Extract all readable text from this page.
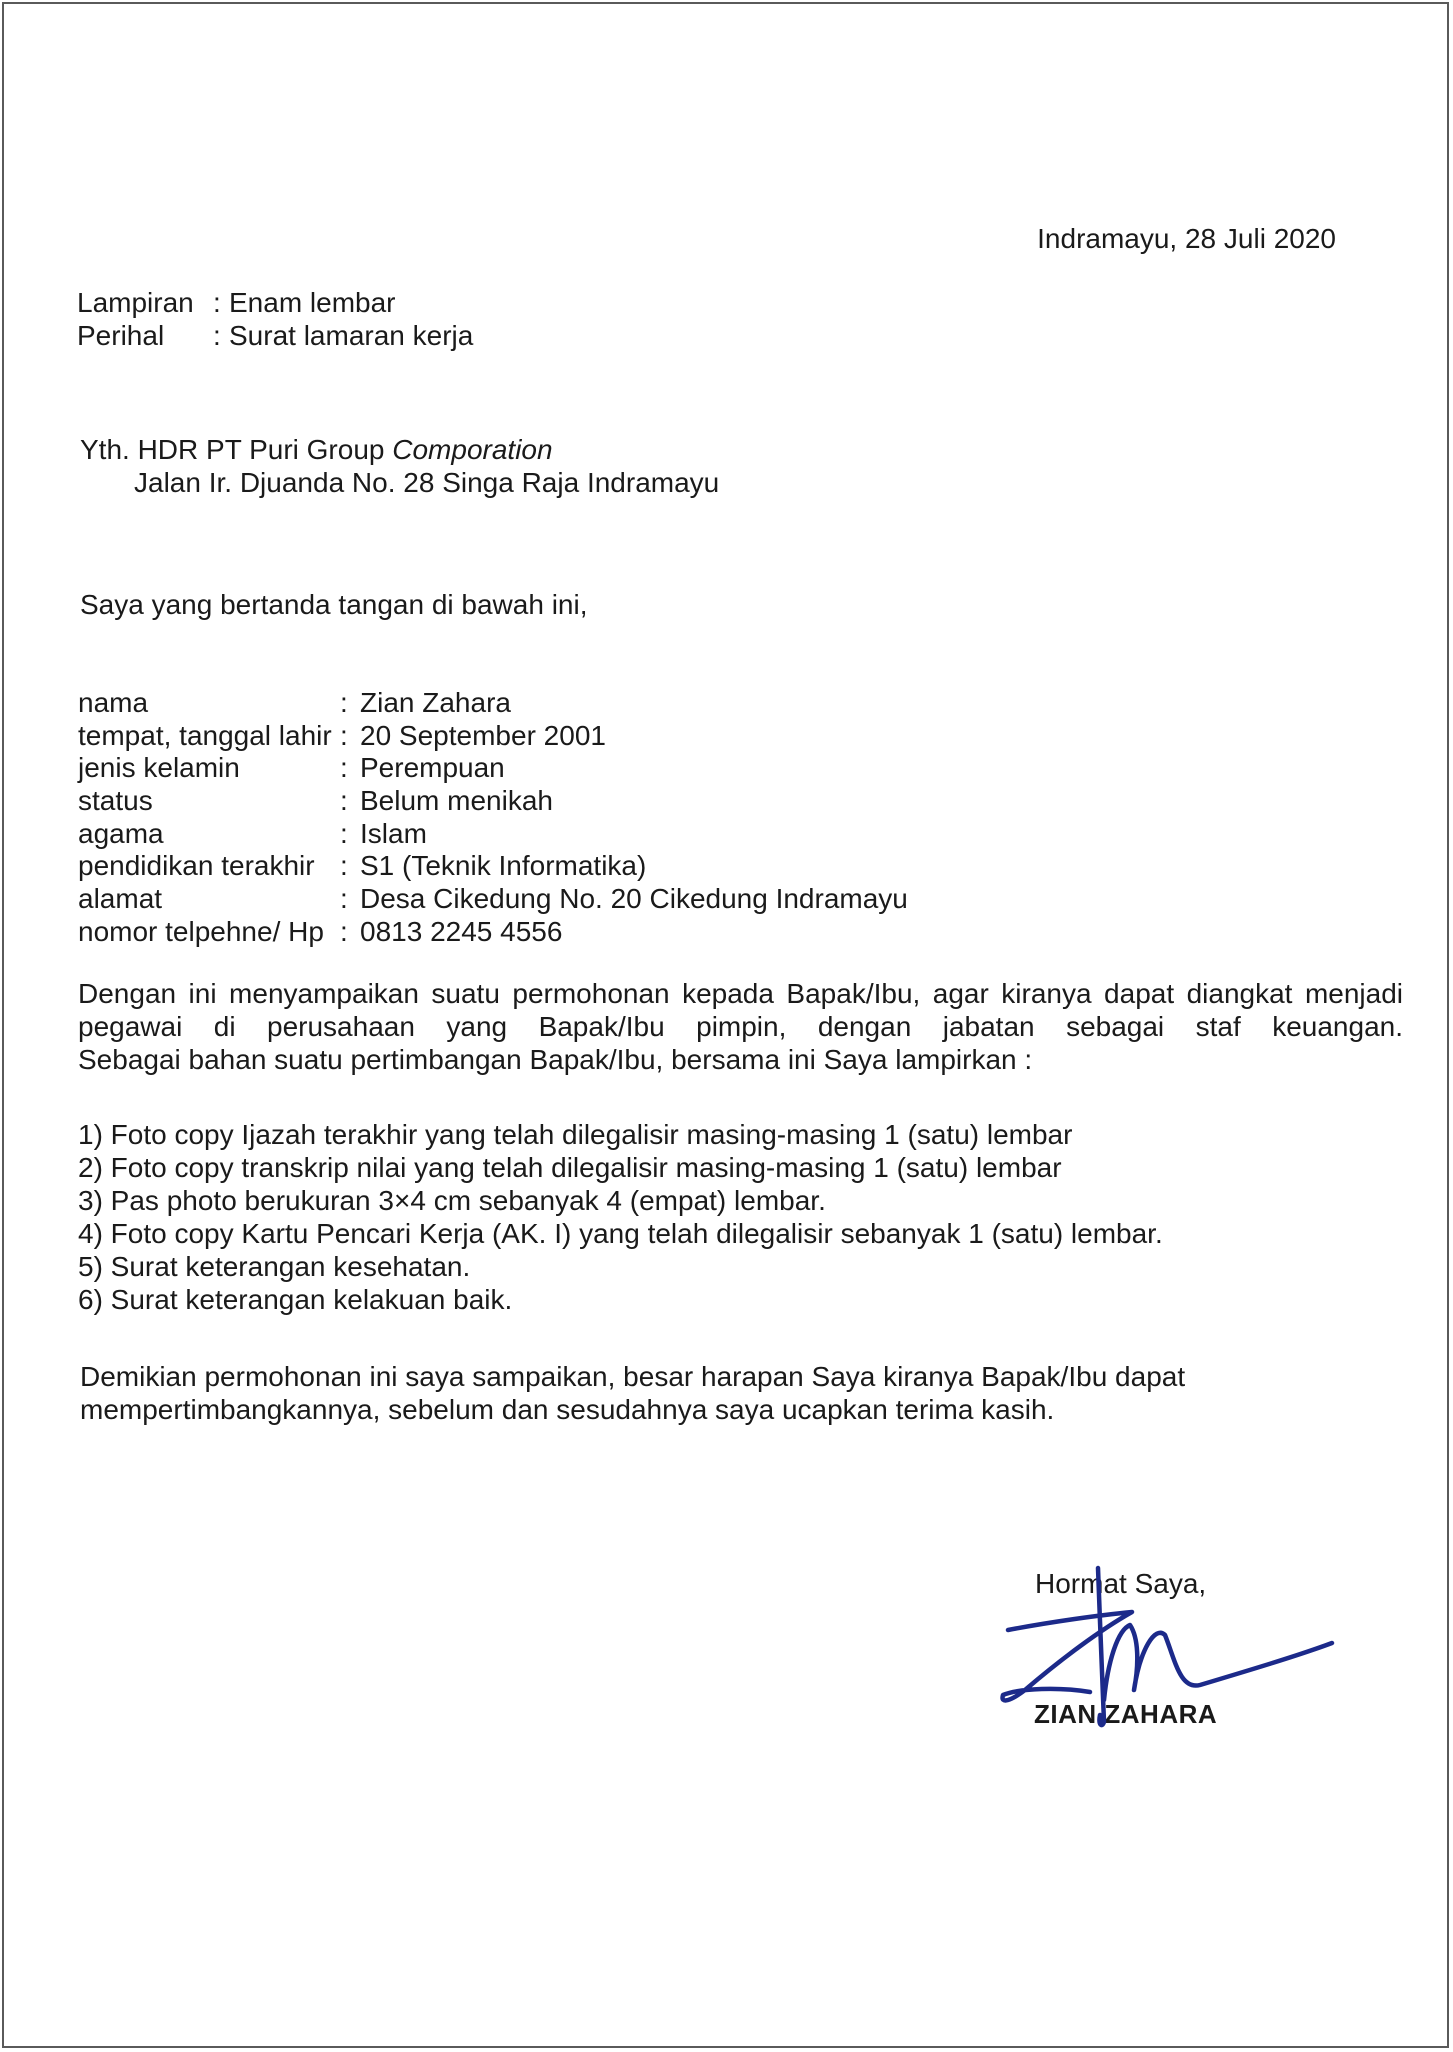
Indramayu, 28 Juli 2020
Lampiran : Enam lembar
Perihal : Surat lamaran kerja
Yth. HDR PT Puri Group Comporation
Jalan Ir. Djuanda No. 28 Singa Raja Indramayu
Saya yang bertanda tangan di bawah ini,
nama	: Zian Zahara
tempat, tanggal lahir : 20 September 2001
jenis kelamin	: Perempuan
status	: Belum menikah
agama	: Islam
pendidikan terakhir : S1 (Teknik Informatika)
alamat	: Desa Cikedung No. 20 Cikedung Indramayu
nomor telpehne/ Hp : 0813 2245 4556
Dengan ini menyampaikan suatu permohonan kepada Bapak/Ibu, agar kiranya dapat diangkat menjadi
pegawai di perusahaan yang Bapak/Ibu pimpin, dengan jabatan sebagai staf keuangan.
Sebagai bahan suatu pertimbangan Bapak/Ibu, bersama ini Saya lampirkan :
1) Foto copy Ijazah terakhir yang telah dilegalisir masing-masing 1 (satu) lembar
2) Foto copy transkrip nilai yang telah dilegalisir masing-masing 1 (satu) lembar
3) Pas photo berukuran 3×4 cm sebanyak 4 (empat) lembar.
4) Foto copy Kartu Pencari Kerja (AK. I) yang telah dilegalisir sebanyak 1 (satu) lembar.
5) Surat keterangan kesehatan.
6) Surat keterangan kelakuan baik.
Demikian permohonan ini saya sampaikan, besar harapan Saya kiranya Bapak/Ibu dapat
mempertimbangkannya, sebelum dan sesudahnya saya ucapkan terima kasih.
Hormat Saya,
ZIAN ZAHARA
